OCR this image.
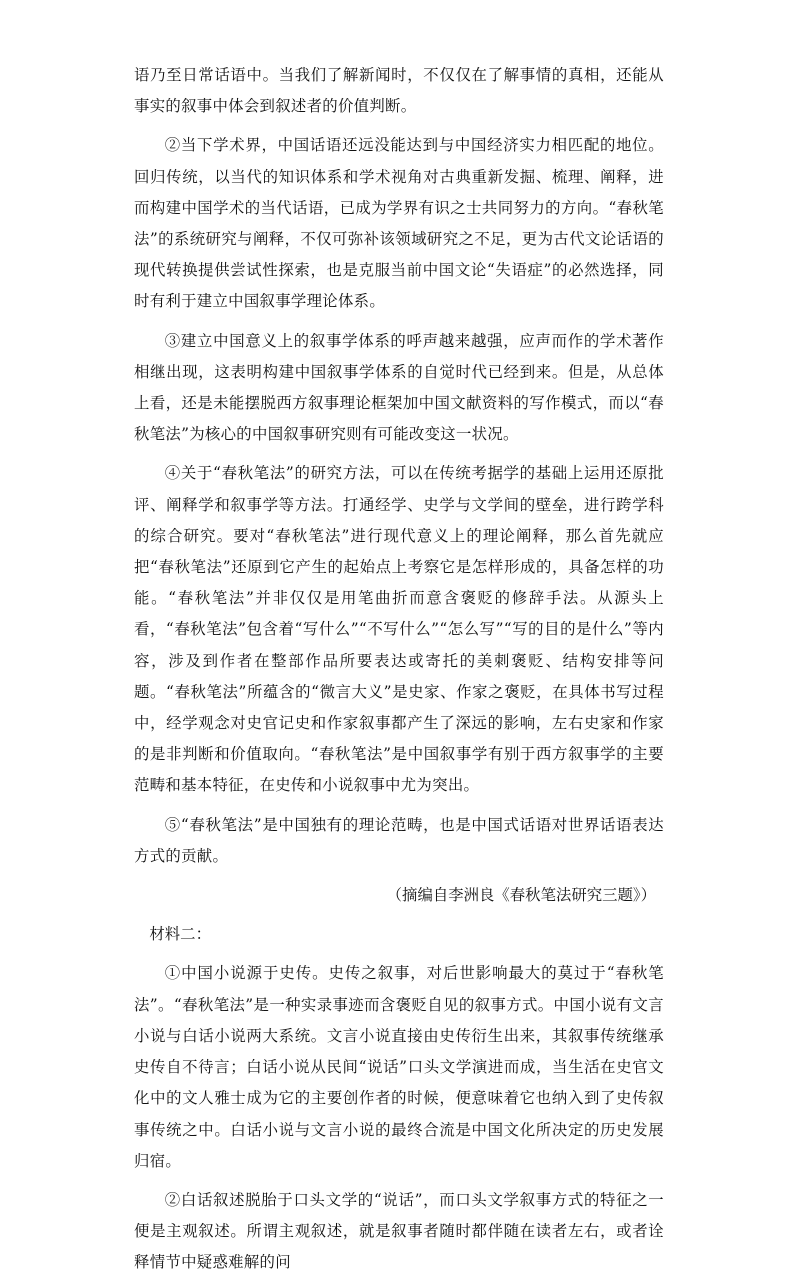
语乃至日常话语中。当我们了解新闻时，不仅仅在了解事情的真相，还能从事实的叙事中体会到叙述者的价值判断。

②当下学术界，中国话语还远没能达到与中国经济实力相匹配的地位。回归传统，以当代的知识体系和学术视角对古典重新发掘、梳理、阐释，进而构建中国学术的当代话语，已成为学界有识之士共同努力的方向。“春秋笔法”的系统研究与阐释，不仅可弥补该领域研究之不足，更为古代文论话语的现代转换提供尝试性探索，也是克服当前中国文论“失语症”的必然选择，同时有利于建立中国叙事学理论体系。

③建立中国意义上的叙事学体系的呼声越来越强，应声而作的学术著作相继出现，这表明构建中国叙事学体系的自觉时代已经到来。但是，从总体上看，还是未能摆脱西方叙事理论框架加中国文献资料的写作模式，而以“春秋笔法”为核心的中国叙事研究则有可能改变这一状况。

④关于“春秋笔法”的研究方法，可以在传统考据学的基础上运用还原批评、阐释学和叙事学等方法。打通经学、史学与文学间的壁垒，进行跨学科的综合研究。要对“春秋笔法”进行现代意义上的理论阐释，那么首先就应把“春秋笔法”还原到它产生的起始点上考察它是怎样形成的，具备怎样的功能。“春秋笔法”并非仅仅是用笔曲折而意含褒贬的修辞手法。从源头上看，“春秋笔法”包含着“写什么”“不写什么”“怎么写”“写的目的是什么”等内容，涉及到作者在整部作品所要表达或寄托的美刺褒贬、结构安排等问题。“春秋笔法”所蕴含的“微言大义”是史家、作家之褒贬，在具体书写过程中，经学观念对史官记史和作家叙事都产生了深远的影响，左右史家和作家的是非判断和价值取向。“春秋笔法”是中国叙事学有别于西方叙事学的主要范畴和基本特征，在史传和小说叙事中尤为突出。

⑤“春秋笔法”是中国独有的理论范畴，也是中国式话语对世界话语表达方式的贡献。

（摘编自李洲良《春秋笔法研究三题》）

材料二：

①中国小说源于史传。史传之叙事，对后世影响最大的莫过于“春秋笔法”。“春秋笔法”是一种实录事迹而含褒贬自见的叙事方式。中国小说有文言小说与白话小说两大系统。文言小说直接由史传衍生出来，其叙事传统继承史传自不待言；白话小说从民间“说话”口头文学演进而成，当生活在史官文化中的文人雅士成为它的主要创作者的时候，便意味着它也纳入到了史传叙事传统之中。白话小说与文言小说的最终合流是中国文化所决定的历史发展归宿。

②白话叙述脱胎于口头文学的“说话”，而口头文学叙事方式的特征之一便是主观叙述。所谓主观叙述，就是叙事者随时都伴随在读者左右，或者诠释情节中疑惑难解的问
